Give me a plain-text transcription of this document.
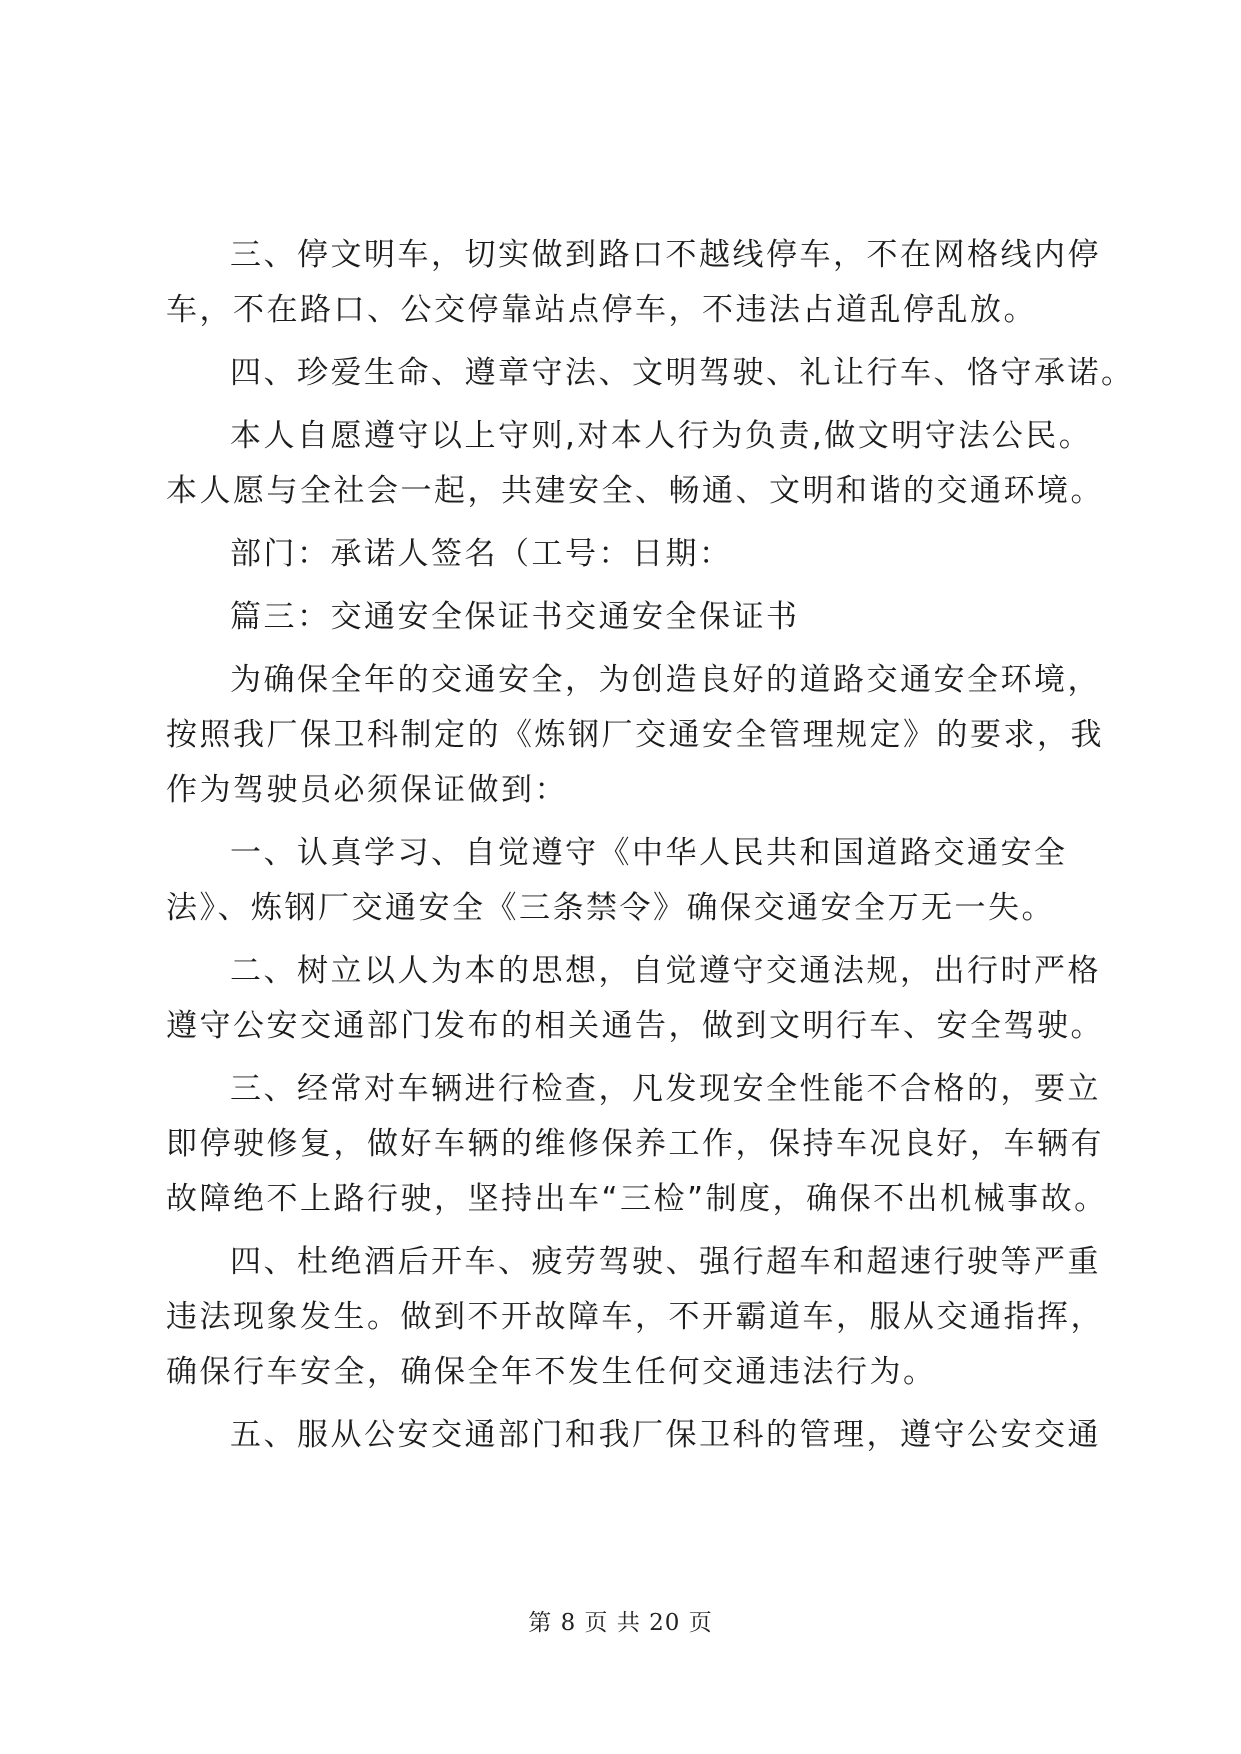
三、停文明车，切实做到路口不越线停车，不在网格线内停
车，不在路口、公交停靠站点停车，不违法占道乱停乱放。
四、珍爱生命、遵章守法、文明驾驶、礼让行车、恪守承诺。
本人自愿遵守以上守则,对本人行为负责,做文明守法公民。
本人愿与全社会一起，共建安全、畅通、文明和谐的交通环境。
部门：承诺人签名（工号：日期：
篇三：交通安全保证书交通安全保证书
为确保全年的交通安全，为创造良好的道路交通安全环境，
按照我厂保卫科制定的《炼钢厂交通安全管理规定》的要求，我
作为驾驶员必须保证做到：
一、认真学习、自觉遵守《中华人民共和国道路交通安全
法》、炼钢厂交通安全《三条禁令》确保交通安全万无一失。
二、树立以人为本的思想，自觉遵守交通法规，出行时严格
遵守公安交通部门发布的相关通告，做到文明行车、安全驾驶。
三、经常对车辆进行检查，凡发现安全性能不合格的，要立
即停驶修复，做好车辆的维修保养工作，保持车况良好，车辆有
故障绝不上路行驶，坚持出车“三检”制度，确保不出机械事故。
四、杜绝酒后开车、疲劳驾驶、强行超车和超速行驶等严重
违法现象发生。做到不开故障车，不开霸道车，服从交通指挥，
确保行车安全，确保全年不发生任何交通违法行为。
五、服从公安交通部门和我厂保卫科的管理，遵守公安交通
第 8 页 共 20 页
